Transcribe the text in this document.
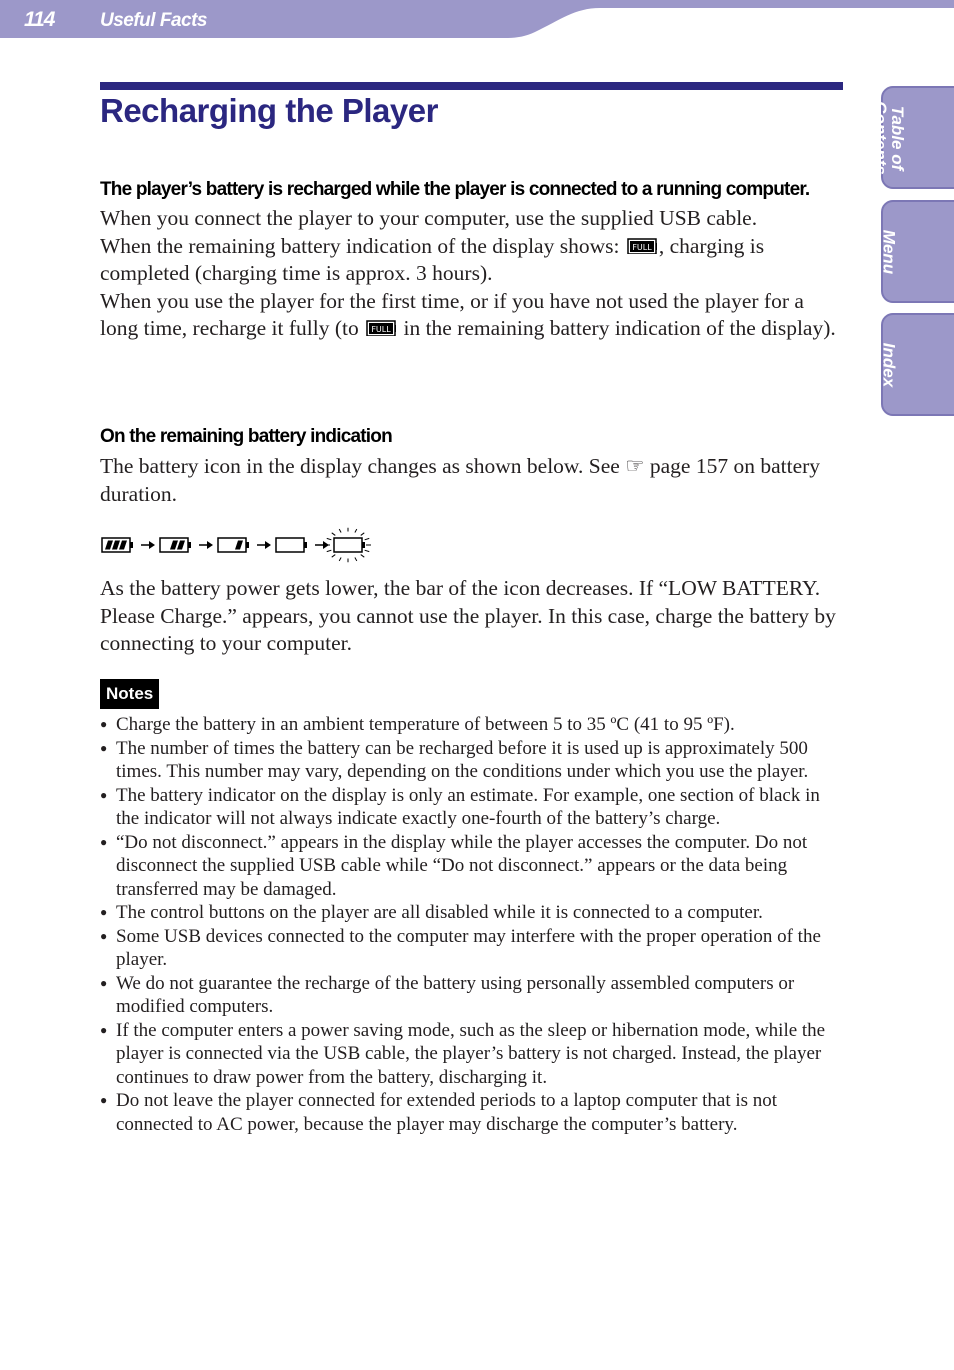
114 Useful Facts
Table of
Contents
Menu
Index
Recharging the Player

The player’s battery is recharged while the player is connected to a running computer.

When you connect the player to your computer, use the supplied USB cable.
When the remaining battery indication of the display shows: FULL , charging is completed (charging time is approx. 3 hours).
When you use the player for the first time, or if you have not used the player for a long time, recharge it fully (to FULL in the remaining battery indication of the display).

On the remaining battery indication

The battery icon in the display changes as shown below. See ☞ page 157 on battery duration.

As the battery power gets lower, the bar of the icon decreases. If “LOW BATTERY. Please Charge.” appears, you cannot use the player. In this case, charge the battery by connecting to your computer.

Notes
● Charge the battery in an ambient temperature of between 5 to 35 ºC (41 to 95 ºF).
● The number of times the battery can be recharged before it is used up is approximately 500 times. This number may vary, depending on the conditions under which you use the player.
● The battery indicator on the display is only an estimate. For example, one section of black in the indicator will not always indicate exactly one-fourth of the battery’s charge.
● “Do not disconnect.” appears in the display while the player accesses the computer. Do not disconnect the supplied USB cable while “Do not disconnect.” appears or the data being transferred may be damaged.
● The control buttons on the player are all disabled while it is connected to a computer.
● Some USB devices connected to the computer may interfere with the proper operation of the player.
● We do not guarantee the recharge of the battery using personally assembled computers or modified computers.
● If the computer enters a power saving mode, such as the sleep or hibernation mode, while the player is connected via the USB cable, the player’s battery is not charged. Instead, the player continues to draw power from the battery, discharging it.
● Do not leave the player connected for extended periods to a laptop computer that is not connected to AC power, because the player may discharge the computer’s battery.
